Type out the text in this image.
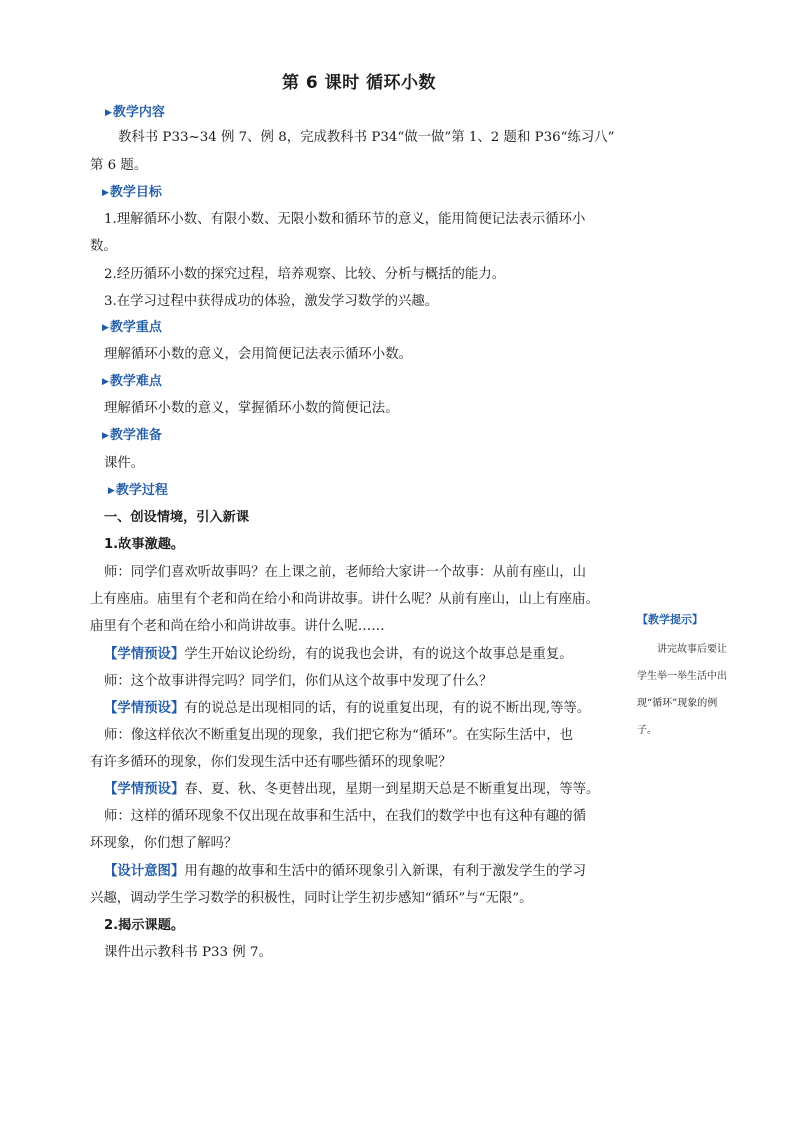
第 6 课时 循环小数
▶教学内容
教科书 P33~34 例 7、例 8，完成教科书 P34“做一做”第 1、2 题和 P36“练习八”
第 6 题。
▶教学目标
1.理解循环小数、有限小数、无限小数和循环节的意义，能用简便记法表示循环小
数。
2.经历循环小数的探究过程，培养观察、比较、分析与概括的能力。
3.在学习过程中获得成功的体验，激发学习数学的兴趣。
▶教学重点
理解循环小数的意义，会用简便记法表示循环小数。
▶教学难点
理解循环小数的意义，掌握循环小数的简便记法。
▶教学准备
课件。
▶教学过程
一、创设情境，引入新课
1.故事激趣。
师：同学们喜欢听故事吗？在上课之前，老师给大家讲一个故事：从前有座山，山
上有座庙。庙里有个老和尚在给小和尚讲故事。讲什么呢？从前有座山，山上有座庙。
庙里有个老和尚在给小和尚讲故事。讲什么呢……
【学情预设】学生开始议论纷纷，有的说我也会讲，有的说这个故事总是重复。
师：这个故事讲得完吗？同学们，你们从这个故事中发现了什么？
【学情预设】有的说总是出现相同的话，有的说重复出现，有的说不断出现,等等。
师：像这样依次不断重复出现的现象，我们把它称为“循环”。在实际生活中，也
有许多循环的现象，你们发现生活中还有哪些循环的现象呢？
【学情预设】春、夏、秋、冬更替出现，星期一到星期天总是不断重复出现，等等。
师：这样的循环现象不仅出现在故事和生活中，在我们的数学中也有这种有趣的循
环现象，你们想了解吗？
【设计意图】用有趣的故事和生活中的循环现象引入新课，有利于激发学生的学习
兴趣，调动学生学习数学的积极性，同时让学生初步感知“循环”与“无限”。
2.揭示课题。
课件出示教科书 P33 例 7。
【教学提示】
讲完故事后要让
学生举一举生活中出
现“循环”现象的例
子。
